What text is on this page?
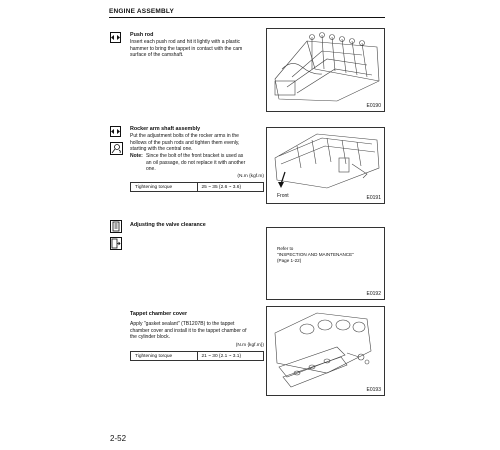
ENGINE ASSEMBLY
Push rod
Insert each push rod and hit it lightly with a plastic
hammer to bring the tappet in contact with the cam
surface of the camshaft.
E0190
Rocker arm shaft assembly
Put the adjustment bolts of the rocker arms in the
hollows of the push rods and tighten them evenly,
starting with the central one.
Note: Since the bolt of the front bracket is used as
an oil passage, do not replace it with another
one.
(N.m {kgf.m)
Tightening torque	25 ~ 35 {2.6 ~ 3.6}
Front	E0191
Adjusting the valve clearance
Refer to
"INSPECTION AND MAINTENANCE"
(Page 1-22)
E0192
Tappet chamber cover
Apply "gasket sealant" (TB1207B) to the tappet
chamber cover and install it to the tappet chamber of
the cylinder block.
(N.m {kgf.m})
Tightening torque	21 ~ 30 {2.1 ~ 3.1}
E0193
2-52
